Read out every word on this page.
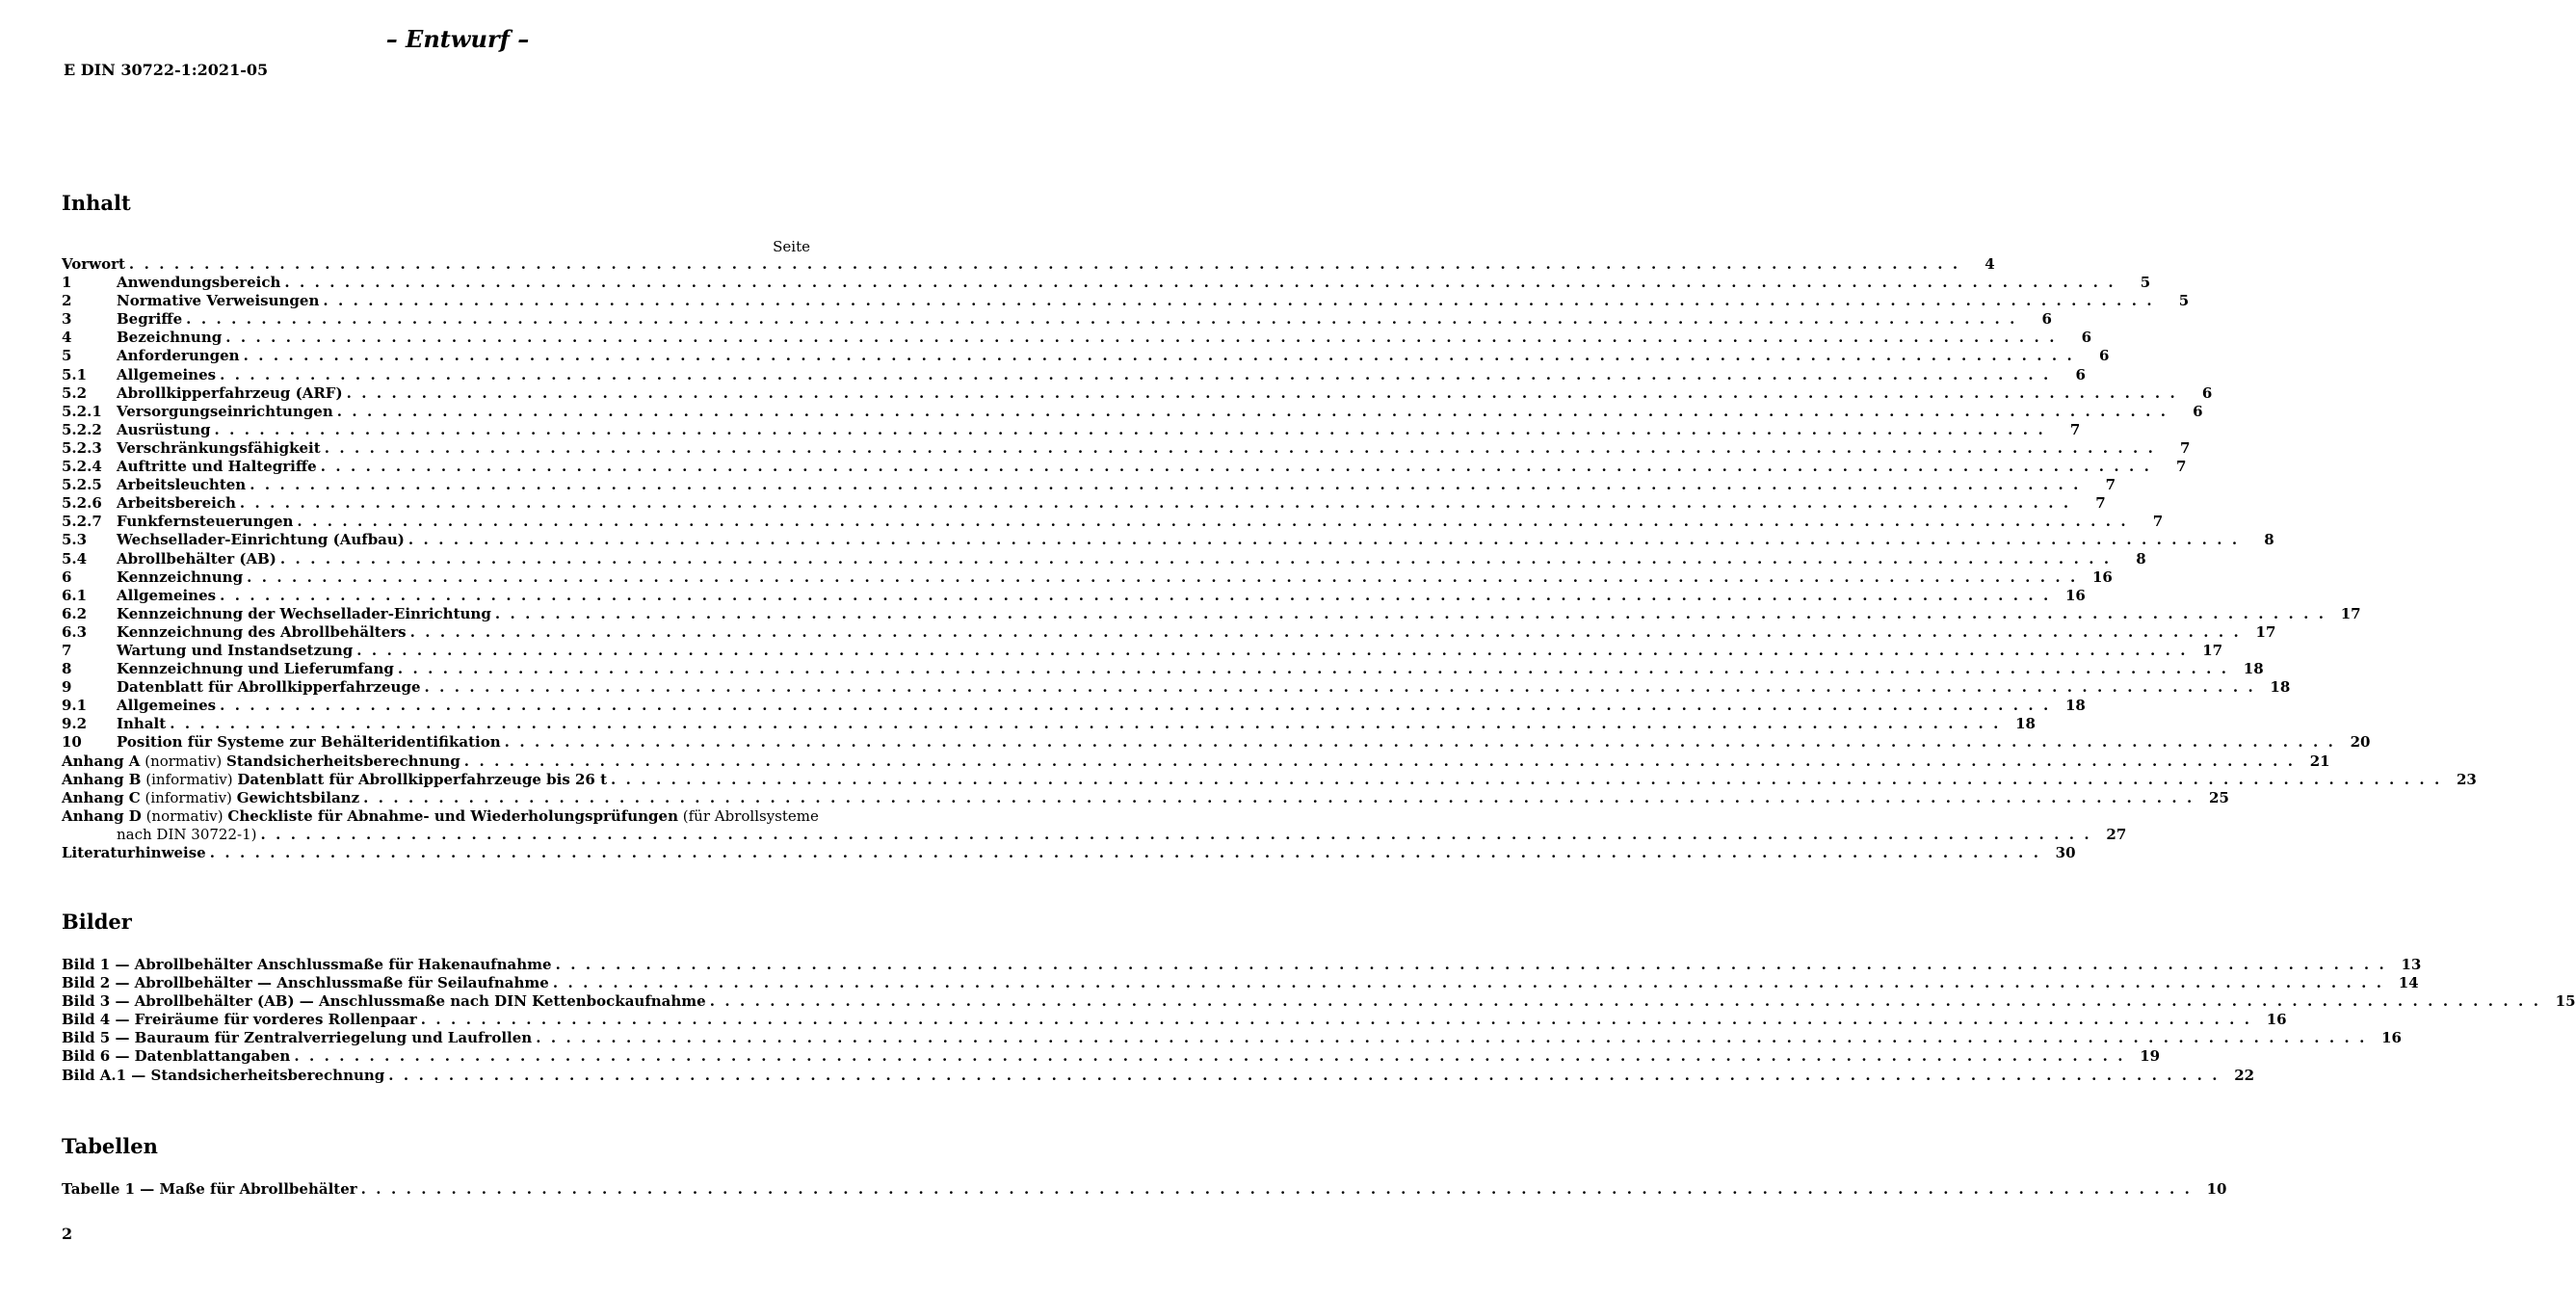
– Entwurf –
E DIN 30722-1:2021-05
Inhalt
Seite
Vorwort . . .	4
1	Anwendungsbereich . . .	5
2	Normative Verweisungen . . .	5
3	Begriffe . . .	6
4	Bezeichnung . . .	6
5	Anforderungen . . .	6
5.1	Allgemeines . . .	6
5.2	Abrollkipperfahrzeug (ARF) . . .	6
5.2.1	Versorgungseinrichtungen . . .	6
5.2.2	Ausrüstung . . .	7
5.2.3	Verschränkungsfähigkeit . . .	7
5.2.4	Auftritte und Haltegriffe . . .	7
5.2.5	Arbeitsleuchten . . .	7
5.2.6	Arbeitsbereich . . .	7
5.2.7	Funkfernsteuerungen . . .	7
5.3	Wechsellader-Einrichtung (Aufbau) . . .	8
5.4	Abrollbehälter (AB) . . .	8
6	Kennzeichnung . . .	16
6.1	Allgemeines . . .	16
6.2	Kennzeichnung der Wechsellader-Einrichtung . . .	17
6.3	Kennzeichnung des Abrollbehälters . . .	17
7	Wartung und Instandsetzung . . .	17
8	Kennzeichnung und Lieferumfang . . .	18
9	Datenblatt für Abrollkipperfahrzeuge . . .	18
9.1	Allgemeines . . .	18
9.2	Inhalt . . .	18
10	Position für Systeme zur Behälteridentifikation . . .	20
Anhang A (normativ) Standsicherheitsberechnung . . .	21
Anhang B (informativ) Datenblatt für Abrollkipperfahrzeuge bis 26 t . . .	23
Anhang C (informativ) Gewichtsbilanz . . .	25
Anhang D (normativ) Checkliste für Abnahme- und Wiederholungsprüfungen (für Abrollsysteme
nach DIN 30722-1) . . .	27
Literaturhinweise . . .	30
Bilder
Bild 1 — Abrollbehälter Anschlussmaße für Hakenaufnahme . . .	13
Bild 2 — Abrollbehälter — Anschlussmaße für Seilaufnahme . . .	14
Bild 3 — Abrollbehälter (AB) — Anschlussmaße nach DIN Kettenbockaufnahme . . .	15
Bild 4 — Freiräume für vorderes Rollenpaar . . .	16
Bild 5 — Bauraum für Zentralverriegelung und Laufrollen . . .	16
Bild 6 — Datenblattangaben . . .	19
Bild A.1 — Standsicherheitsberechnung . . .	22
Tabellen
Tabelle 1 — Maße für Abrollbehälter . . .	10
2
